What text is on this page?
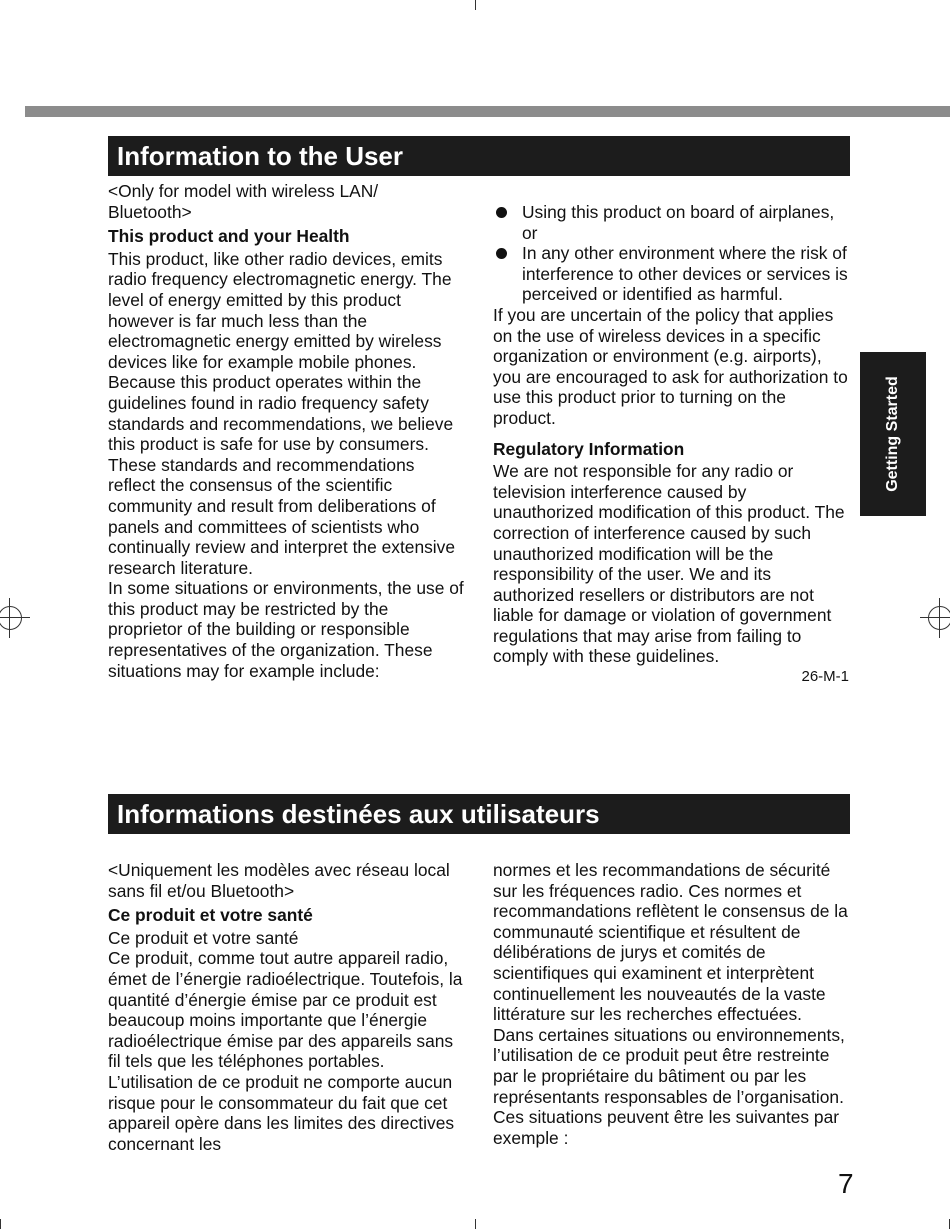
Information to the User

<Only for model with wireless LAN/ Bluetooth>

This product and your Health

This product, like other radio devices, emits radio frequency electromagnetic energy. The level of energy emitted by this product however is far much less than the electromagnetic energy emitted by wireless devices like for example mobile phones.

Because this product operates within the guidelines found in radio frequency safety standards and recommendations, we believe this product is safe for use by consumers. These standards and recommendations reflect the consensus of the scientific community and result from deliberations of panels and committees of scientists who continually review and interpret the extensive research literature.

In some situations or environments, the use of this product may be restricted by the proprietor of the building or responsible representatives of the organization. These situations may for example include:

Using this product on board of airplanes, or
In any other environment where the risk of interference to other devices or services is perceived or identified as harmful.

If you are uncertain of the policy that applies on the use of wireless devices in a specific organization or environment (e.g. airports), you are encouraged to ask for authorization to use this product prior to turning on the product.

Regulatory Information

We are not responsible for any radio or television interference caused by unauthorized modification of this product. The correction of interference caused by such unauthorized modification will be the responsibility of the user. We and its authorized resellers or distributors are not liable for damage or violation of government regulations that may arise from failing to comply with these guidelines.

26-M-1

Informations destinées aux utilisateurs

<Uniquement les modèles avec réseau local sans fil et/ou Bluetooth>

Ce produit et votre santé

Ce produit et votre santé

Ce produit, comme tout autre appareil radio, émet de l’énergie radioélectrique. Toutefois, la quantité d’énergie émise par ce produit est beaucoup moins importante que l’énergie radioélectrique émise par des appareils sans fil tels que les téléphones portables. L’utilisation de ce produit ne comporte aucun risque pour le consommateur du fait que cet appareil opère dans les limites des directives concernant les

normes et les recommandations de sécurité sur les fréquences radio. Ces normes et recommandations reflètent le consensus de la communauté scientifique et résultent de délibérations de jurys et comités de scientifiques qui examinent et interprètent continuellement les nouveautés de la vaste littérature sur les recherches effectuées.

Dans certaines situations ou environnements, l’utilisation de ce produit peut être restreinte par le propriétaire du bâtiment ou par les représentants responsables de l’organisation. Ces situations peuvent être les suivantes par exemple :

Getting Started
7
